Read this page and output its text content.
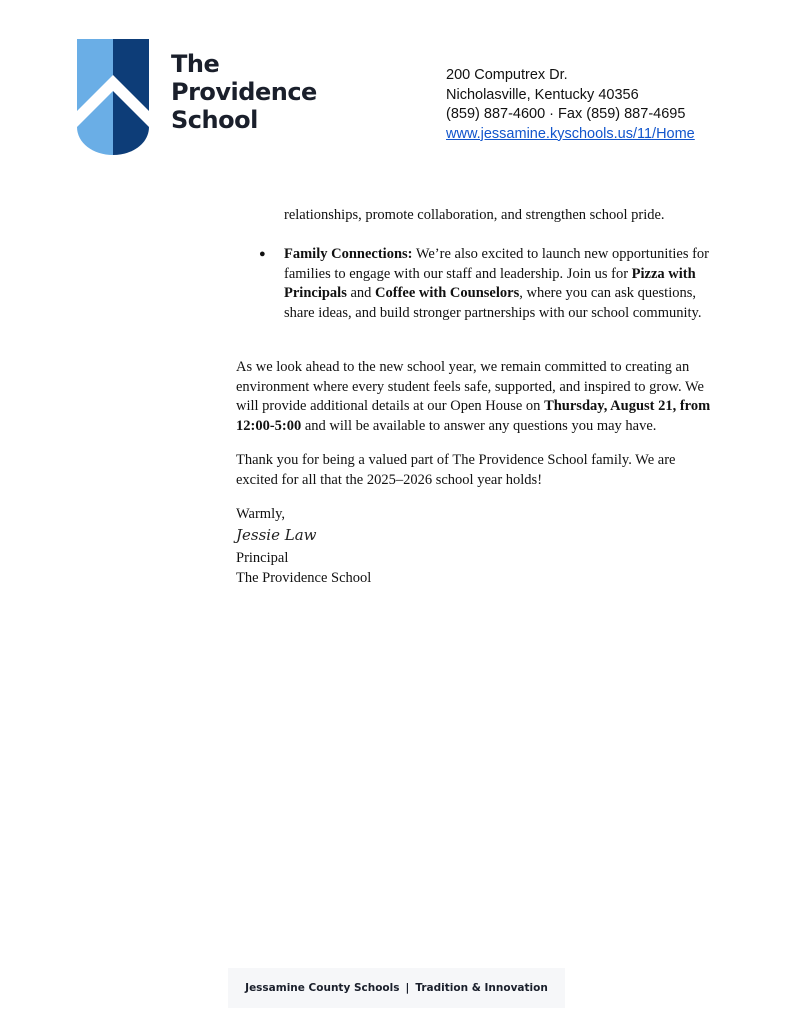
The
Providence
School
200 Computrex Dr.
Nicholasville, Kentucky 40356
(859) 887-4600 · Fax (859) 887-4695
www.jessamine.kyschools.us/11/Home
relationships, promote collaboration, and strengthen school pride.
● Family Connections: We’re also excited to launch new opportunities for families to engage with our staff and leadership. Join us for Pizza with Principals and Coffee with Counselors, where you can ask questions, share ideas, and build stronger partnerships with our school community.
As we look ahead to the new school year, we remain committed to creating an environment where every student feels safe, supported, and inspired to grow. We will provide additional details at our Open House on Thursday, August 21, from 12:00-5:00 and will be available to answer any questions you may have.
Thank you for being a valued part of The Providence School family. We are excited for all that the 2025–2026 school year holds!
Warmly,
Jessie Law
Principal
The Providence School
Jessamine County Schools | Tradition & Innovation
